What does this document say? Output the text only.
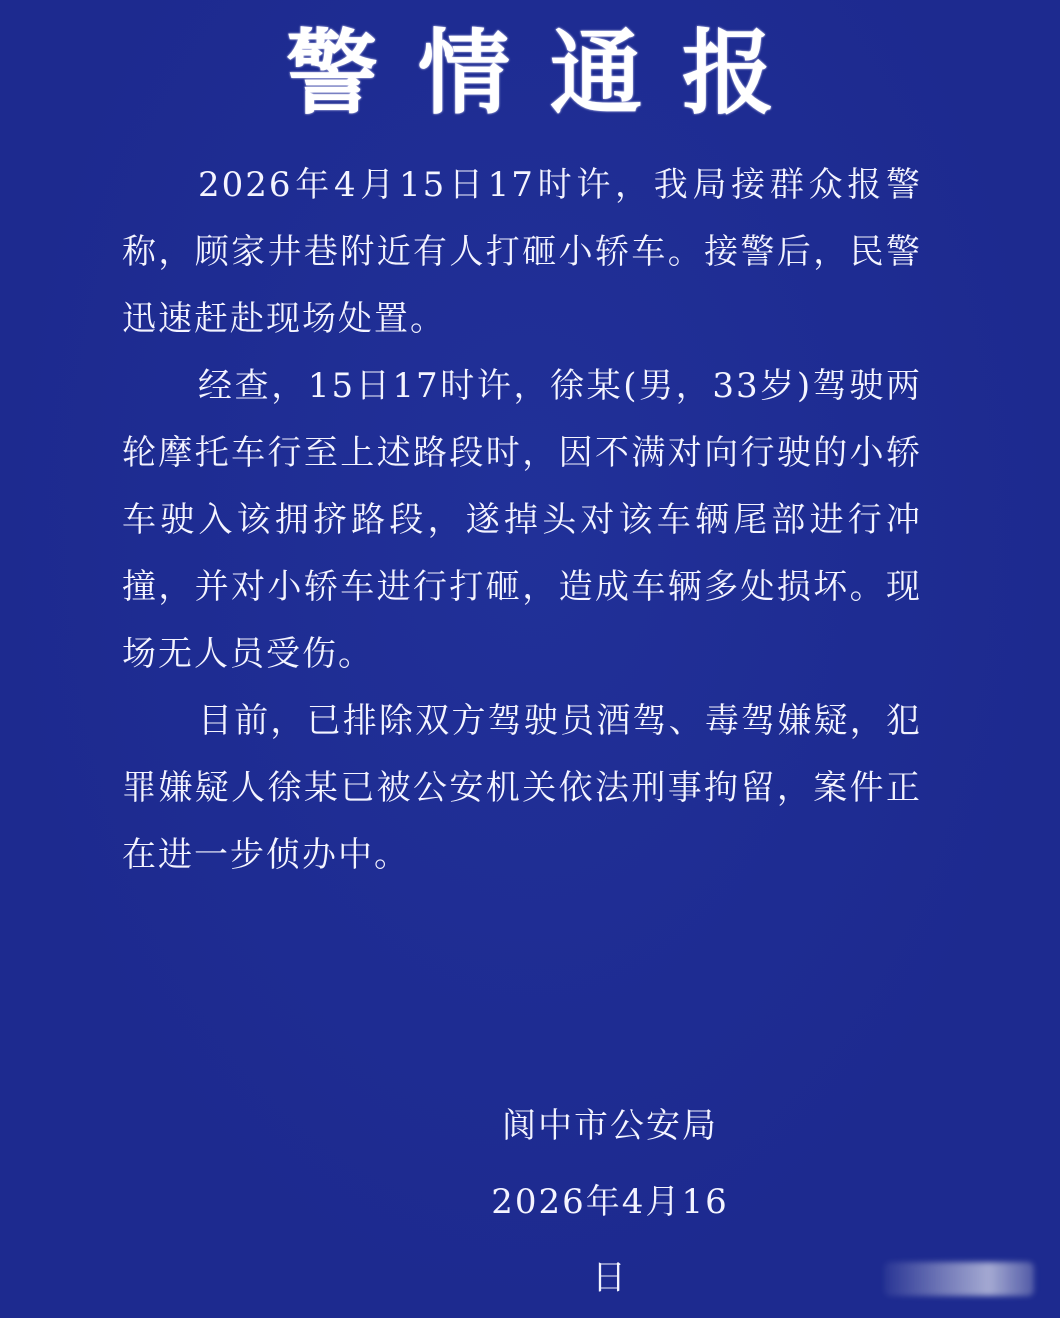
警情通报

2026年4月15日17时许，我局接群众报警称，顾家井巷附近有人打砸小轿车。接警后，民警迅速赶赴现场处置。

经查，15日17时许，徐某(男，33岁)驾驶两轮摩托车行至上述路段时，因不满对向行驶的小轿车驶入该拥挤路段，遂掉头对该车辆尾部进行冲撞，并对小轿车进行打砸，造成车辆多处损坏。现场无人员受伤。

目前，已排除双方驾驶员酒驾、毒驾嫌疑，犯罪嫌疑人徐某已被公安机关依法刑事拘留，案件正在进一步侦办中。

阆中市公安局
2026年4月16日
